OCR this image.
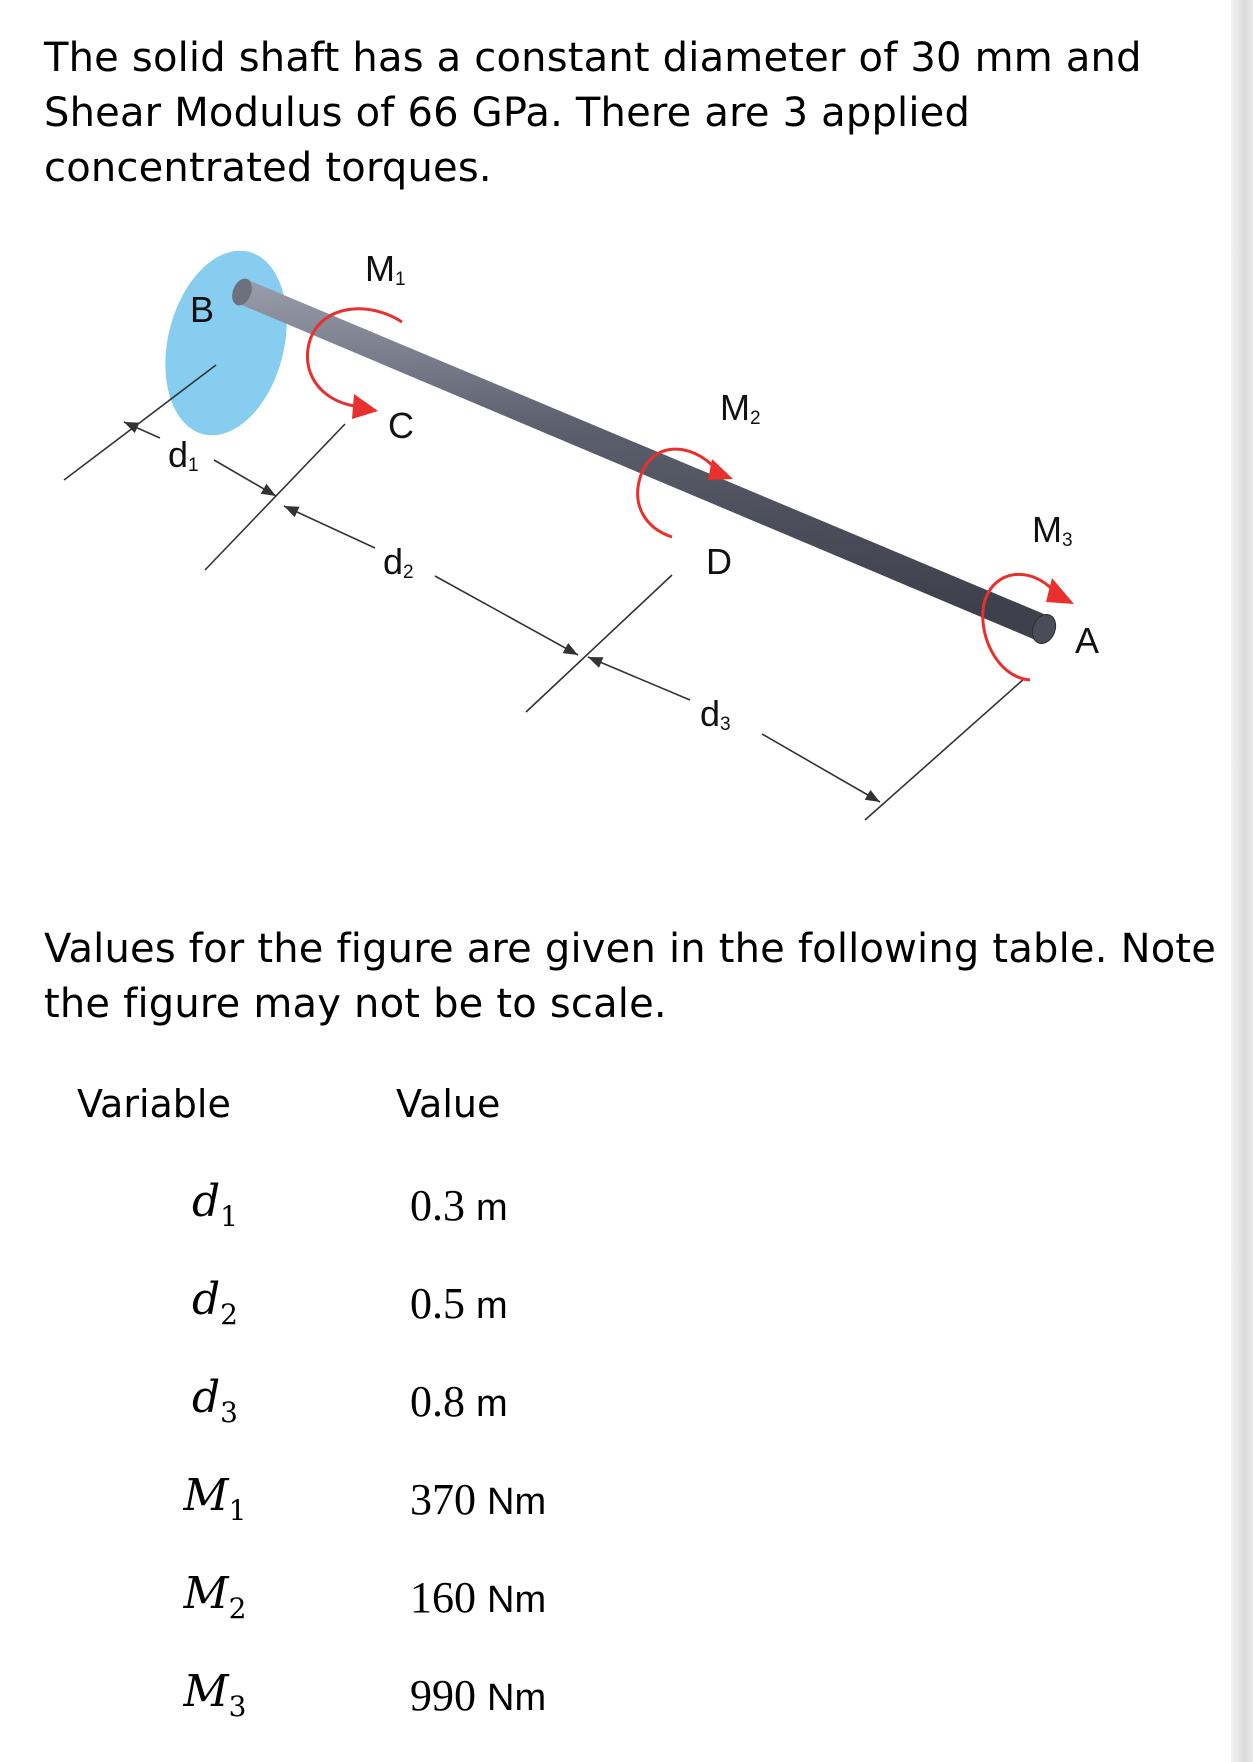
The solid shaft has a constant diameter of 30 mm and Shear Modulus of 66 GPa. There are 3 applied concentrated torques.

B
C
D
A
M1
M2
M3
d1
d2
d3

Values for the figure are given in the following table. Note the figure may not be to scale.

Variable	Value
$d_1$	0.3 m
$d_2$	0.5 m
$d_3$	0.8 m
$M_1$	370 Nm
$M_2$	160 Nm
$M_3$	990 Nm
